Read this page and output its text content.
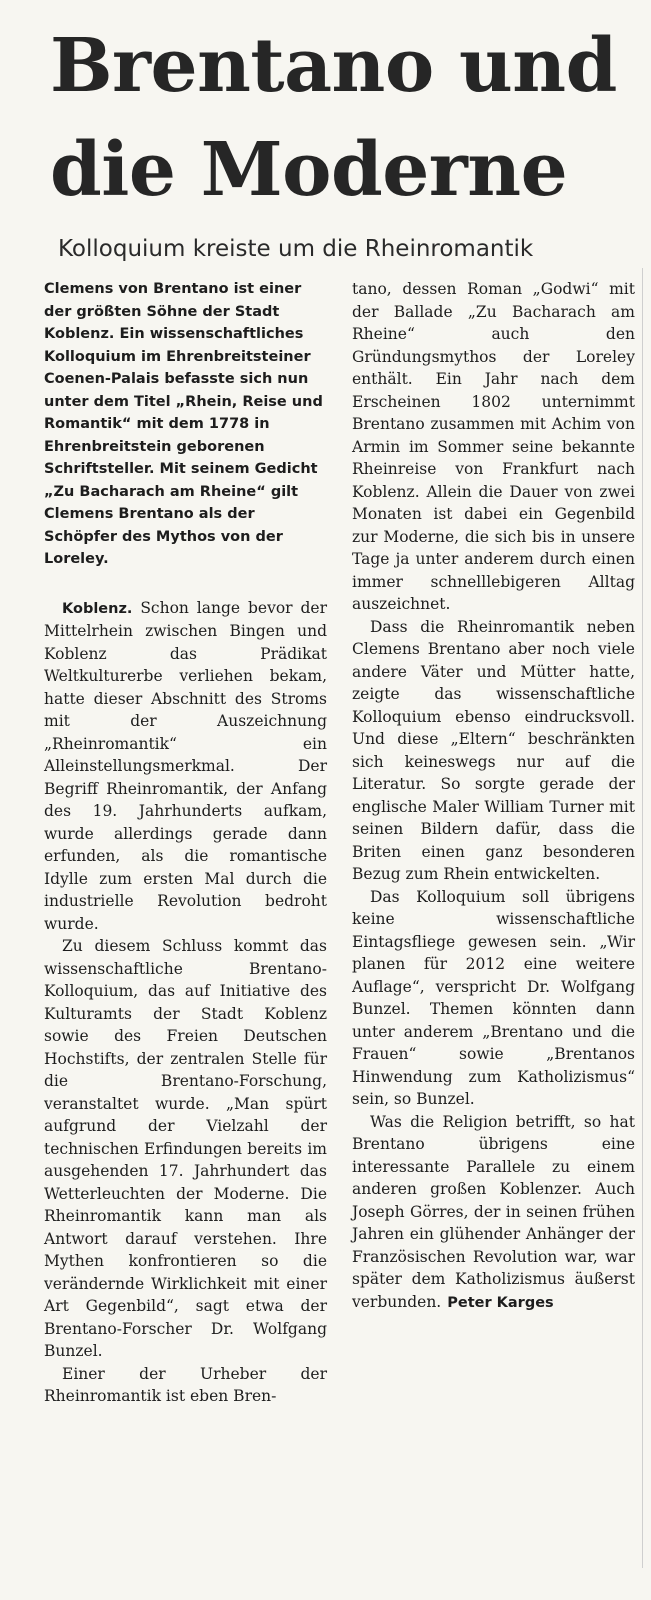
Brentano und
die Moderne
Kolloquium kreiste um die Rheinromantik

Clemens von Brentano ist einer der größten Söhne der Stadt Koblenz. Ein wissenschaftliches Kolloquium im Ehrenbreitsteiner Coenen-Palais befasste sich nun unter dem Titel „Rhein, Reise und Romantik“ mit dem 1778 in Ehrenbreitstein geborenen Schriftsteller. Mit seinem Gedicht „Zu Bacharach am Rheine“ gilt Clemens Brentano als der Schöpfer des Mythos von der Loreley.

Koblenz. Schon lange bevor der Mittelrhein zwischen Bingen und Koblenz das Prädikat Weltkulturerbe verliehen bekam, hatte dieser Abschnitt des Stroms mit der Auszeichnung „Rheinromantik“ ein Alleinstellungsmerkmal. Der Begriff Rheinromantik, der Anfang des 19. Jahrhunderts aufkam, wurde allerdings gerade dann erfunden, als die romantische Idylle zum ersten Mal durch die industrielle Revolution bedroht wurde.

Zu diesem Schluss kommt das wissenschaftliche Brentano-Kolloquium, das auf Initiative des Kulturamts der Stadt Koblenz sowie des Freien Deutschen Hochstifts, der zentralen Stelle für die Brentano-Forschung, veranstaltet wurde. „Man spürt aufgrund der Vielzahl der technischen Erfindungen bereits im ausgehenden 17. Jahrhundert das Wetterleuchten der Moderne. Die Rheinromantik kann man als Antwort darauf verstehen. Ihre Mythen konfrontieren so die verändernde Wirklichkeit mit einer Art Gegenbild“, sagt etwa der Brentano-Forscher Dr. Wolfgang Bunzel.

Einer der Urheber der Rheinromantik ist eben Bren-

tano, dessen Roman „Godwi“ mit der Ballade „Zu Bacharach am Rheine“ auch den Gründungsmythos der Loreley enthält. Ein Jahr nach dem Erscheinen 1802 unternimmt Brentano zusammen mit Achim von Armin im Sommer seine bekannte Rheinreise von Frankfurt nach Koblenz. Allein die Dauer von zwei Monaten ist dabei ein Gegenbild zur Moderne, die sich bis in unsere Tage ja unter anderem durch einen immer schnelllebigeren Alltag auszeichnet.

Dass die Rheinromantik neben Clemens Brentano aber noch viele andere Väter und Mütter hatte, zeigte das wissenschaftliche Kolloquium ebenso eindrucksvoll. Und diese „Eltern“ beschränkten sich keineswegs nur auf die Literatur. So sorgte gerade der englische Maler William Turner mit seinen Bildern dafür, dass die Briten einen ganz besonderen Bezug zum Rhein entwickelten.

Das Kolloquium soll übrigens keine wissenschaftliche Eintagsfliege gewesen sein. „Wir planen für 2012 eine weitere Auflage“, verspricht Dr. Wolfgang Bunzel. Themen könnten dann unter anderem „Brentano und die Frauen“ sowie „Brentanos Hinwendung zum Katholizismus“ sein, so Bunzel.

Was die Religion betrifft, so hat Brentano übrigens eine interessante Parallele zu einem anderen großen Koblenzer. Auch Joseph Görres, der in seinen frühen Jahren ein glühender Anhänger der Französischen Revolution war, war später dem Katholizismus äußerst verbunden. Peter Karges
